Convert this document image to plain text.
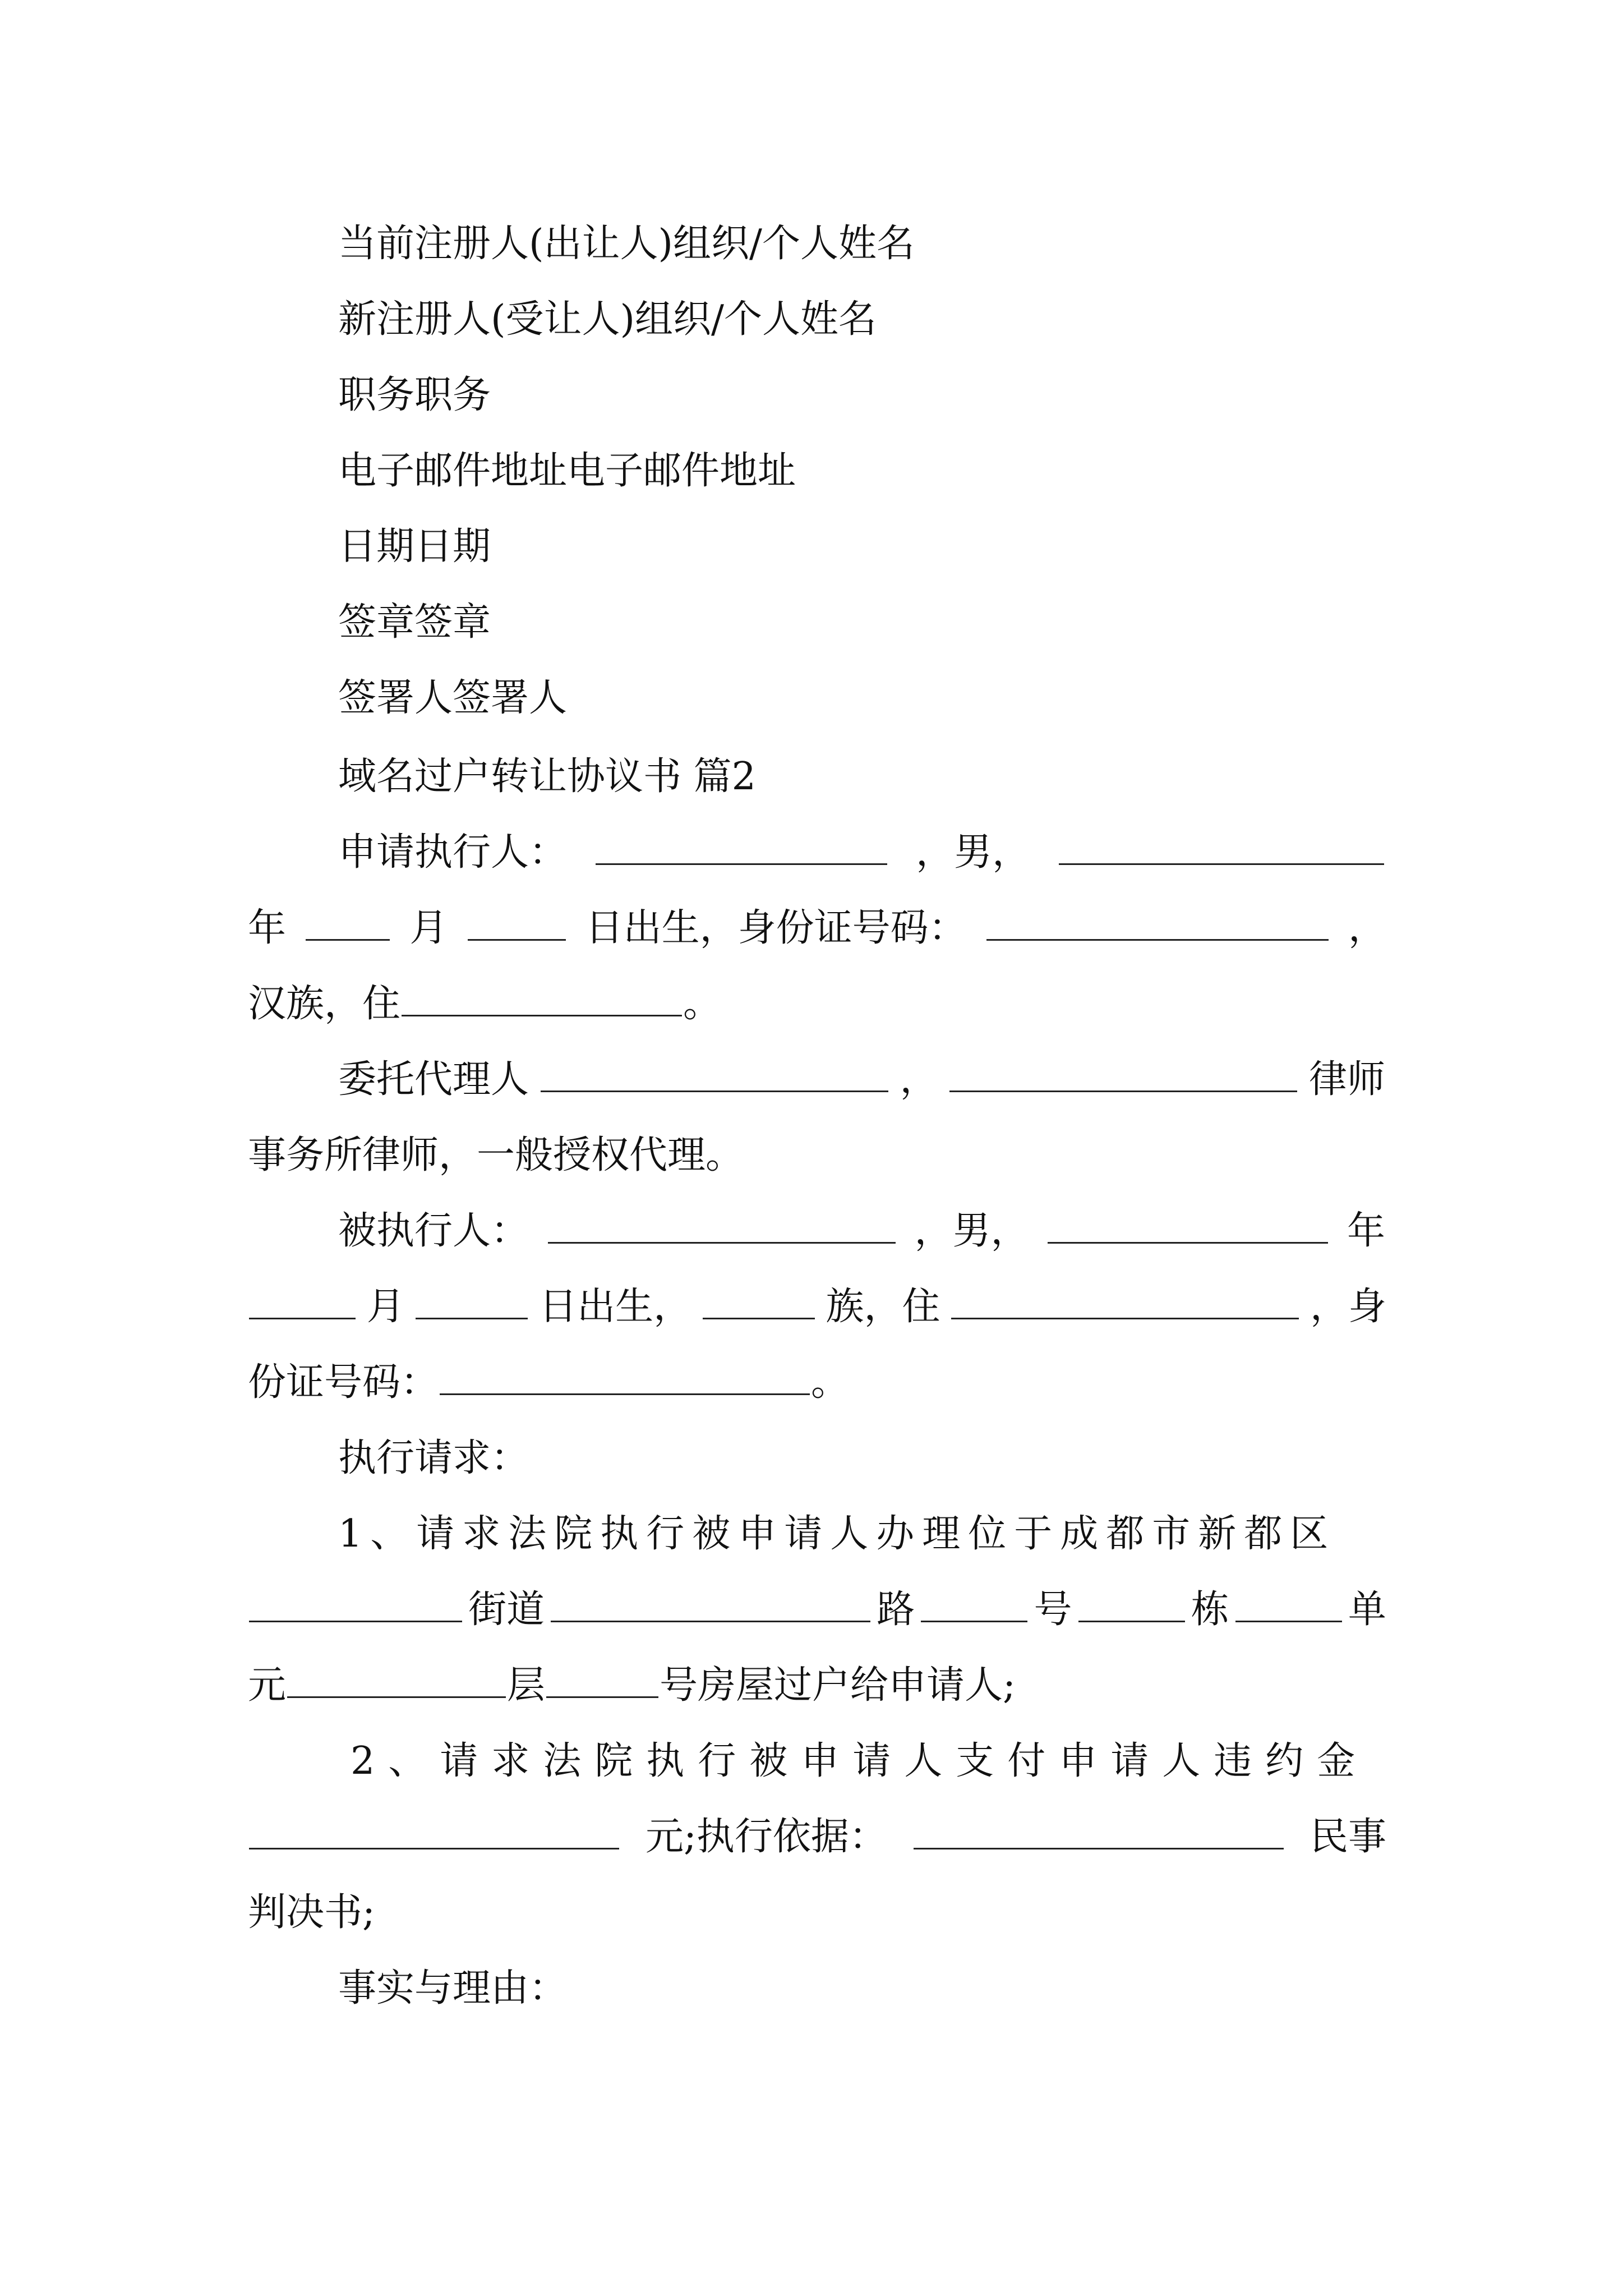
当前注册人(出让人)组织/个人姓名

新注册人(受让人)组织/个人姓名

职务职务

电子邮件地址电子邮件地址

日期日期

签章签章

签署人签署人

域名过户转让协议书 篇2

申请执行人：	，男，
年	月	日出生，身份证号码：	，
汉族，住	。
委托代理人	，	律师

事务所律师，一般授权代理。

被执行人：	，男，	年
月	日出生，	族，住	，身
份证号码：	。

执行请求：

1、请求法院执行被申请人办理位于成都市新都区
街道	路	号	栋	单
元	层	号房屋过户给申请人;
2、请求法院执行被申请人支付申请人违约金
元;执行依据：	民事

判决书;

事实与理由：
